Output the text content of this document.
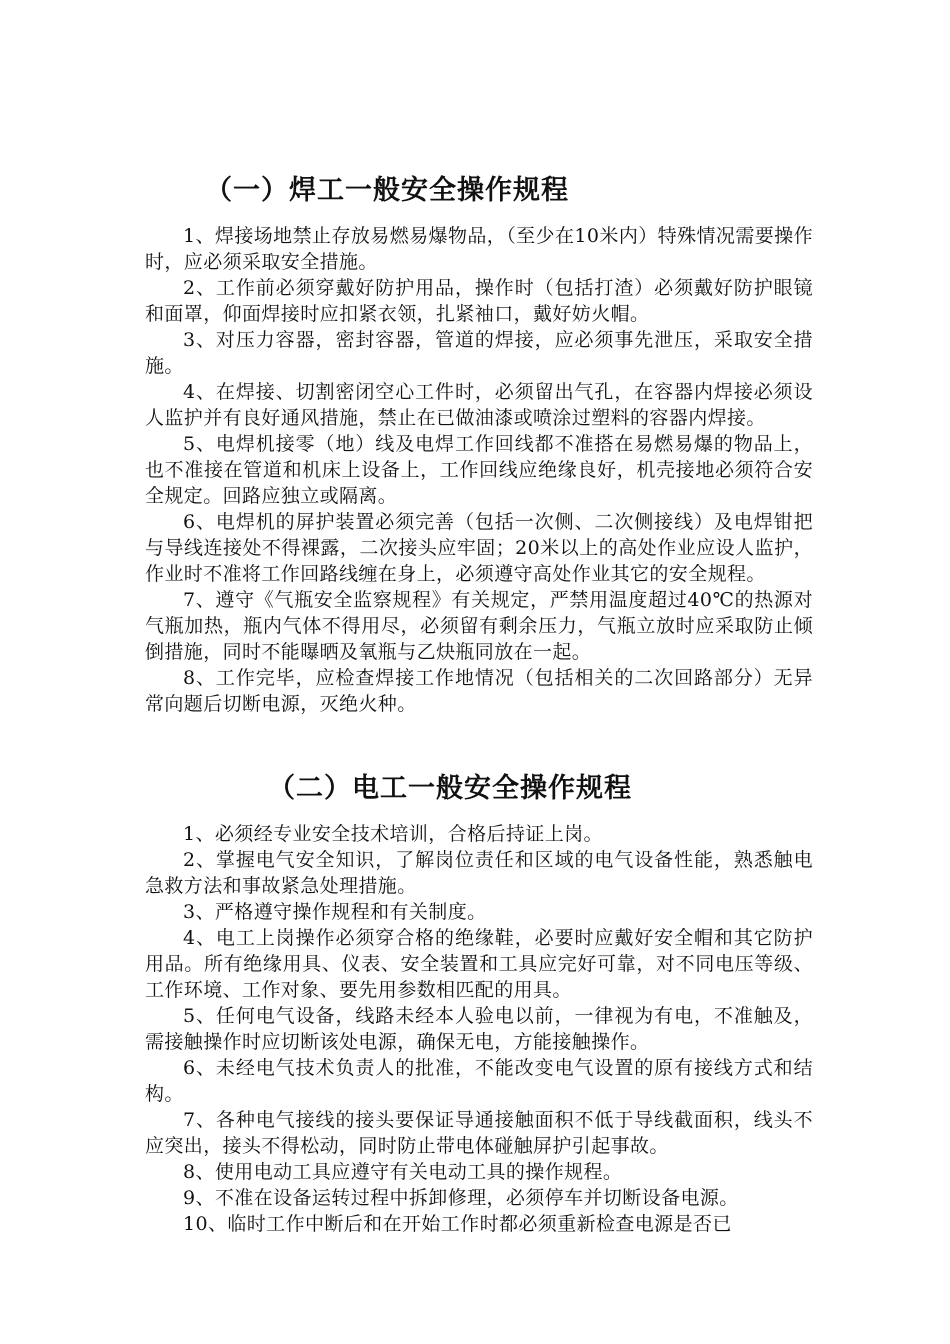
（一）焊工一般安全操作规程

1、焊接场地禁止存放易燃易爆物品，（至少在10米内）特殊情况需要操作时，应必须采取安全措施。

2、工作前必须穿戴好防护用品，操作时（包括打渣）必须戴好防护眼镜和面罩，仰面焊接时应扣紧衣领，扎紧袖口，戴好妨火帽。

3、对压力容器，密封容器，管道的焊接，应必须事先泄压，采取安全措施。

4、在焊接、切割密闭空心工件时，必须留出气孔，在容器内焊接必须设人监护并有良好通风措施，禁止在已做油漆或喷涂过塑料的容器内焊接。

5、电焊机接零（地）线及电焊工作回线都不准搭在易燃易爆的物品上，也不准接在管道和机床上设备上，工作回线应绝缘良好，机壳接地必须符合安全规定。回路应独立或隔离。

6、电焊机的屏护装置必须完善（包括一次侧、二次侧接线）及电焊钳把与导线连接处不得裸露，二次接头应牢固；20米以上的高处作业应设人监护，作业时不准将工作回路线缠在身上，必须遵守高处作业其它的安全规程。

7、遵守《气瓶安全监察规程》有关规定，严禁用温度超过40℃的热源对气瓶加热，瓶内气体不得用尽，必须留有剩余压力，气瓶立放时应采取防止倾倒措施，同时不能曝晒及氧瓶与乙炔瓶同放在一起。

8、工作完毕，应检查焊接工作地情况（包括相关的二次回路部分）无异常向题后切断电源，灭绝火种。

（二）电工一般安全操作规程

1、必须经专业安全技术培训，合格后持证上岗。

2、掌握电气安全知识，了解岗位责任和区域的电气设备性能，熟悉触电急救方法和事故紧急处理措施。

3、严格遵守操作规程和有关制度。

4、电工上岗操作必须穿合格的绝缘鞋，必要时应戴好安全帽和其它防护用品。所有绝缘用具、仪表、安全装置和工具应完好可靠，对不同电压等级、工作环境、工作对象、要先用参数相匹配的用具。

5、任何电气设备，线路未经本人验电以前，一律视为有电，不准触及，需接触操作时应切断该处电源，确保无电，方能接触操作。

6、未经电气技术负责人的批准，不能改变电气设置的原有接线方式和结构。

7、各种电气接线的接头要保证导通接触面积不低于导线截面积，线头不应突出，接头不得松动，同时防止带电体碰触屏护引起事故。

8、使用电动工具应遵守有关电动工具的操作规程。

9、不准在设备运转过程中拆卸修理，必须停车并切断设备电源。

10、临时工作中断后和在开始工作时都必须重新检查电源是否已
